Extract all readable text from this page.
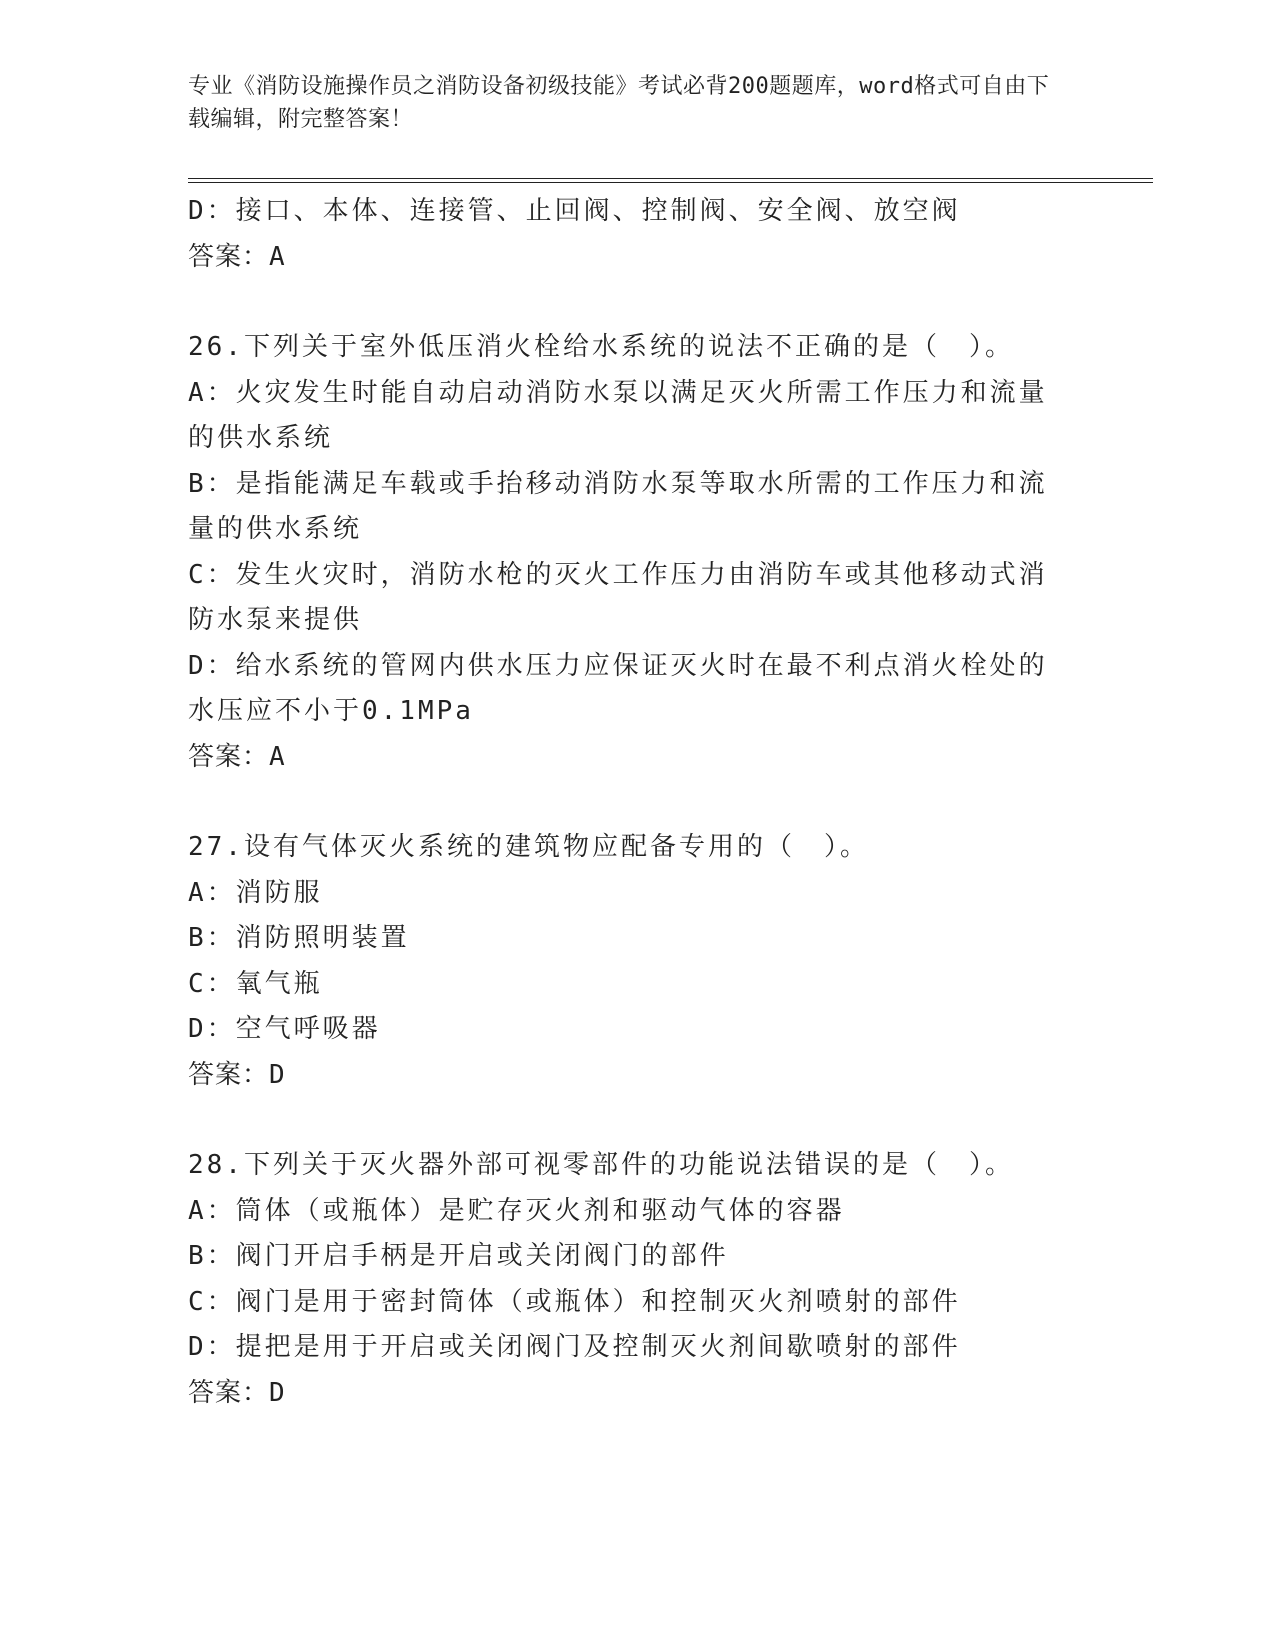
专业《消防设施操作员之消防设备初级技能》考试必背200题题库，word格式可自由下载编辑，附完整答案！
D：接口、本体、连接管、止回阀、控制阀、安全阀、放空阀
答案：A
26.下列关于室外低压消火栓给水系统的说法不正确的是（　）。
A：火灾发生时能自动启动消防水泵以满足灭火所需工作压力和流量的供水系统
B：是指能满足车载或手抬移动消防水泵等取水所需的工作压力和流量的供水系统
C：发生火灾时，消防水枪的灭火工作压力由消防车或其他移动式消防水泵来提供
D：给水系统的管网内供水压力应保证灭火时在最不利点消火栓处的水压应不小于0.1MPa
答案：A
27.设有气体灭火系统的建筑物应配备专用的（　）。
A：消防服
B：消防照明装置
C：氧气瓶
D：空气呼吸器
答案：D
28.下列关于灭火器外部可视零部件的功能说法错误的是（　）。
A：筒体（或瓶体）是贮存灭火剂和驱动气体的容器
B：阀门开启手柄是开启或关闭阀门的部件
C：阀门是用于密封筒体（或瓶体）和控制灭火剂喷射的部件
D：提把是用于开启或关闭阀门及控制灭火剂间歇喷射的部件
答案：D
